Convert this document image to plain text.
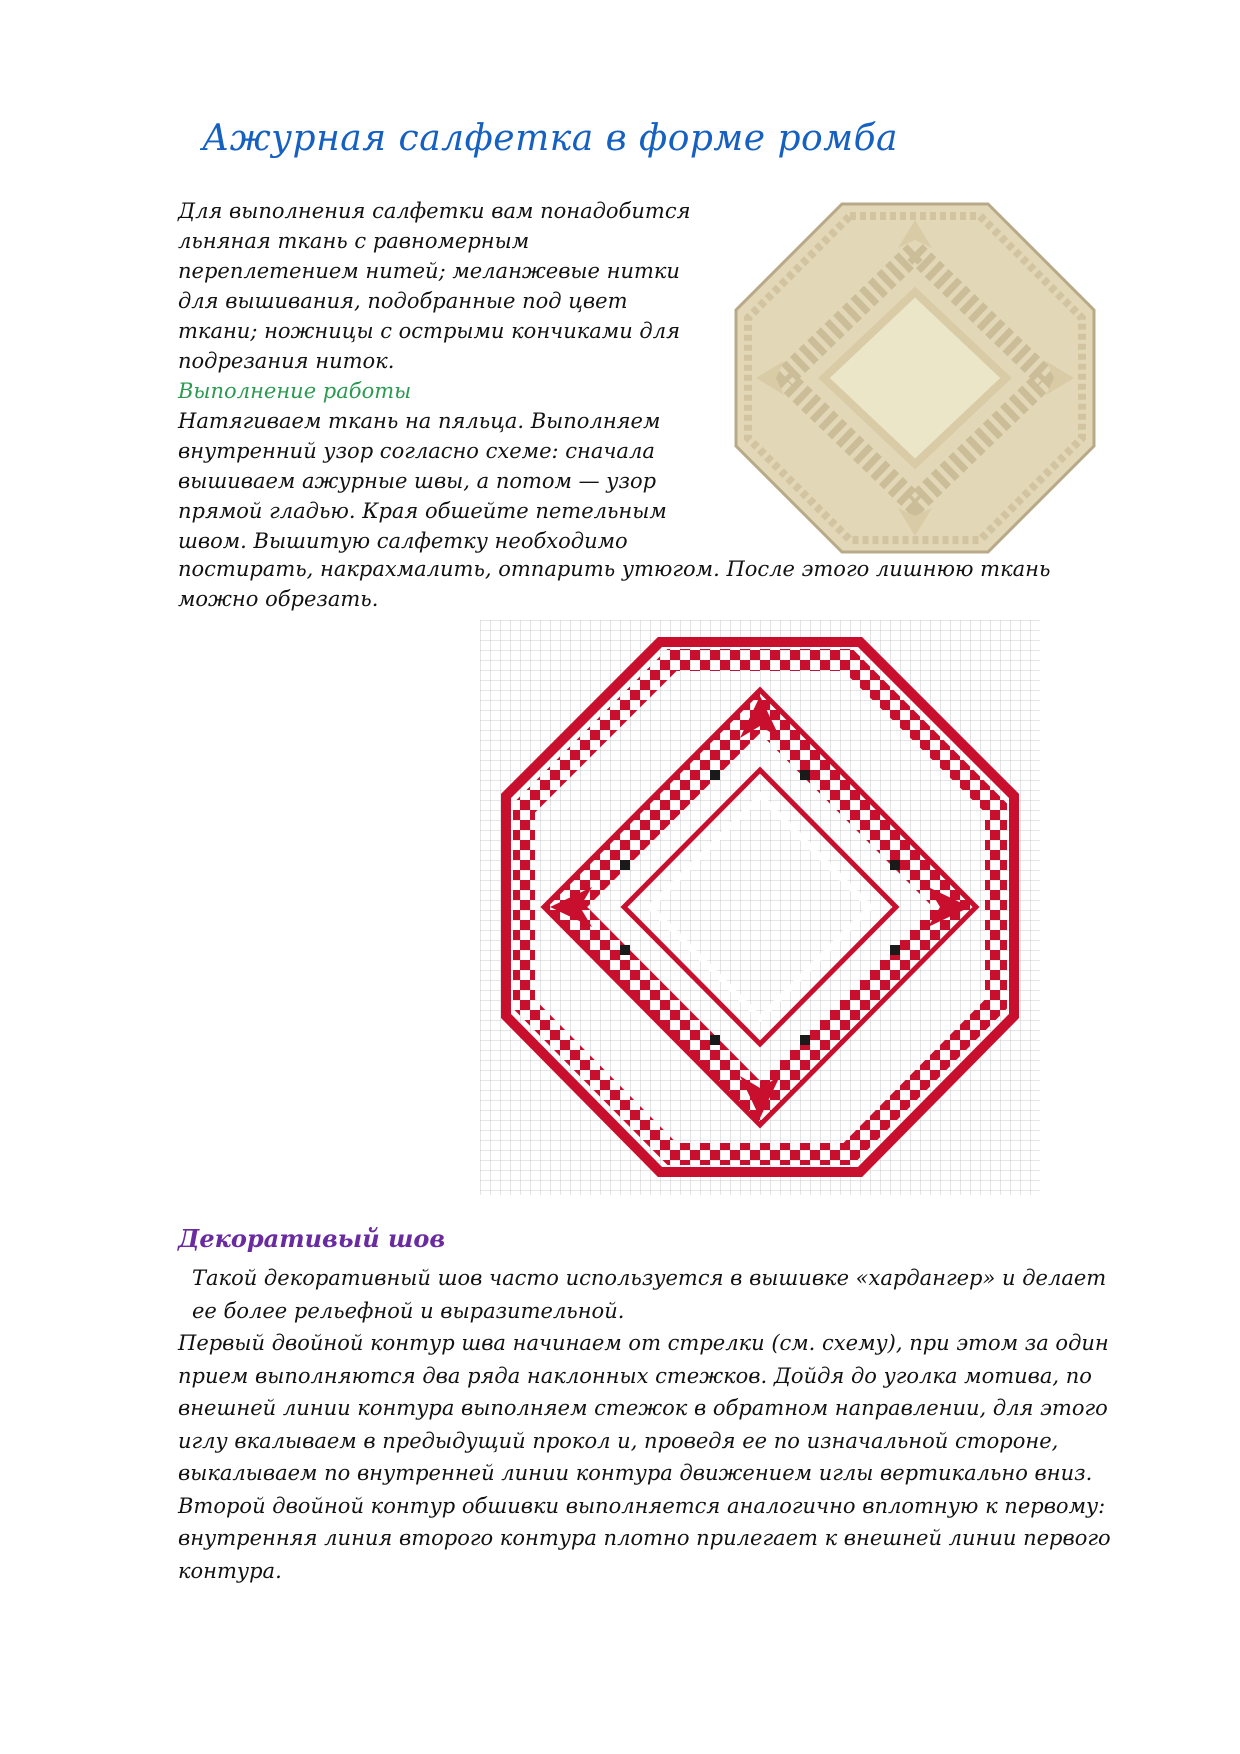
Ажурная салфетка в форме ромба

Для выполнения салфетки вам понадобится льняная ткань с равномерным переплетением нитей; меланжевые нитки для вышивания, подобранные под цвет ткани; ножницы с острыми кончиками для подрезания ниток.

Выполнение работы

Натягиваем ткань на пяльца. Выполняем внутренний узор согласно схеме: сначала вышиваем ажурные швы, а потом — узор прямой гладью. Края обшейте петельным швом. Вышитую салфетку необходимо

постирать, накрахмалить, отпарить утюгом. После этого лишнюю ткань можно обрезать.
Декоративый шов

Такой декоративный шов часто используется в вышивке «хардангер» и делает ее более рельефной и выразительной.

Первый двойной контур шва начинаем от стрелки (см. схему), при этом за один прием выполняются два ряда наклонных стежков. Дойдя до уголка мотива, по внешней линии контура выполняем стежок в обратном направлении, для этого иглу вкалываем в предыдущий прокол и, проведя ее по изначальной стороне, выкалываем по внутренней линии контура движением иглы вертикально вниз. Второй двойной контур обшивки выполняется аналогично вплотную к первому: внутренняя линия второго контура плотно прилегает к внешней линии первого контура.
